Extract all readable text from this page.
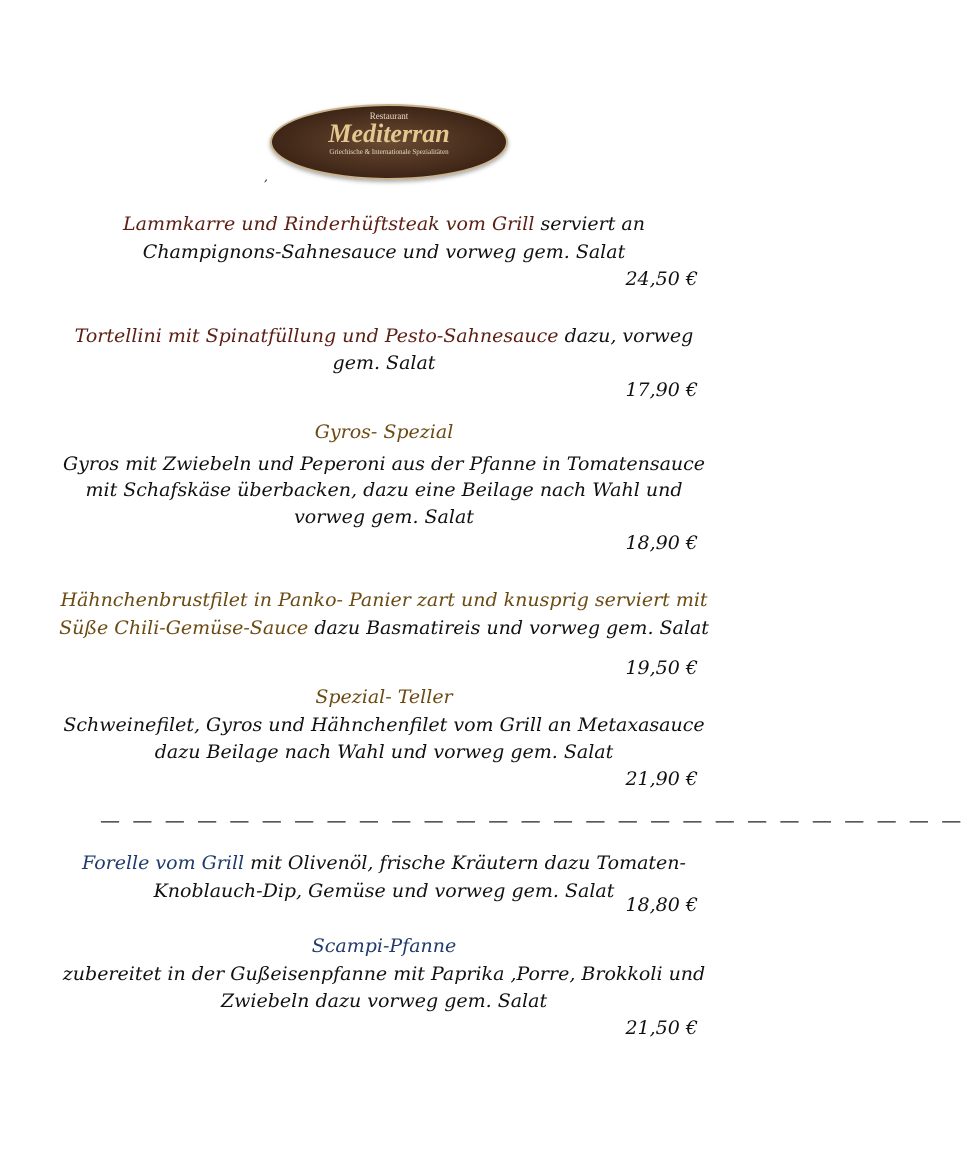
Restaurant
Mediterran
Griechische & Internationale Spezialitäten
,
Lammkarre und Rinderhüftsteak vom Grill serviert an
Champignons-Sahnesauce und vorweg gem. Salat
24,50 €
Tortellini mit Spinatfüllung und Pesto-Sahnesauce dazu, vorweg
gem. Salat
17,90 €
Gyros- Spezial
Gyros mit Zwiebeln und Peperoni aus der Pfanne in Tomatensauce
mit Schafskäse überbacken, dazu eine Beilage nach Wahl und
vorweg gem. Salat
18,90 €
Hähnchenbrustfilet in Panko- Panier zart und knusprig serviert mit
Süße Chili-Gemüse-Sauce dazu Basmatireis und vorweg gem. Salat
19,50 €
Spezial- Teller
Schweinefilet, Gyros und Hähnchenfilet vom Grill an Metaxasauce
dazu Beilage nach Wahl und vorweg gem. Salat
21,90 €
— — — — — — — — — — — — — — — — — — — — — — — — — — —
Forelle vom Grill mit Olivenöl, frische Kräutern dazu Tomaten-
Knoblauch-Dip, Gemüse und vorweg gem. Salat
18,80 €
Scampi-Pfanne
zubereitet in der Gußeisenpfanne mit Paprika ,Porre, Brokkoli und
Zwiebeln dazu vorweg gem. Salat
21,50 €
